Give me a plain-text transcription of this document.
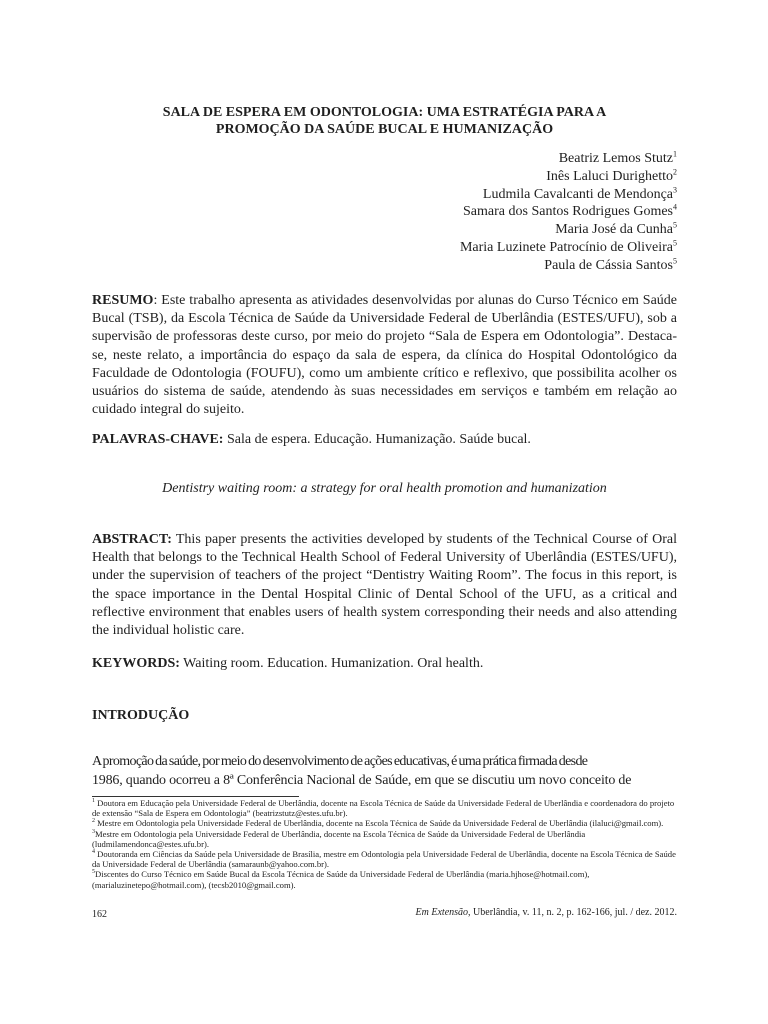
SALA DE ESPERA EM ODONTOLOGIA: UMA ESTRATÉGIA PARA A
PROMOÇÃO DA SAÚDE BUCAL E HUMANIZAÇÃO
Beatriz Lemos Stutz$^1$
Inês Laluci Durighetto$^2$
Ludmila Cavalcanti de Mendonça$^3$
Samara dos Santos Rodrigues Gomes$^4$
Maria José da Cunha$^5$
Maria Luzinete Patrocínio de Oliveira$^5$
Paula de Cássia Santos$^5$
RESUMO: Este trabalho apresenta as atividades desenvolvidas por alunas do Curso Técnico em Saúde Bucal (TSB), da Escola Técnica de Saúde da Universidade Federal de Uberlândia (ESTES/UFU), sob a supervisão de professoras deste curso, por meio do projeto “Sala de Espera em Odontologia”. Destaca-se, neste relato, a importância do espaço da sala de espera, da clínica do Hospital Odontológico da Faculdade de Odontologia (FOUFU), como um ambiente crítico e reflexivo, que possibilita acolher os usuários do sistema de saúde, atendendo às suas necessidades em serviços e também em relação ao cuidado integral do sujeito.
PALAVRAS-CHAVE: Sala de espera. Educação. Humanização. Saúde bucal.
Dentistry waiting room: a strategy for oral health promotion and humanization
ABSTRACT: This paper presents the activities developed by students of the Technical Course of Oral Health that belongs to the Technical Health School of Federal University of Uberlândia (ESTES/UFU), under the supervision of teachers of the project “Dentistry Waiting Room”. The focus in this report, is the space importance in the Dental Hospital Clinic of Dental School of the UFU, as a critical and reflective environment that enables users of health system corresponding their needs and also attending the individual holistic care.
KEYWORDS: Waiting room. Education. Humanization. Oral health.
INTRODUÇÃO
A promoção da saúde, por meio do desenvolvimento de ações educativas, é uma prática firmada desde
1986, quando ocorreu a 8ª Conferência Nacional de Saúde, em que se discutiu um novo conceito de
$^1$ Doutora em Educação pela Universidade Federal de Uberlândia, docente na Escola Técnica de Saúde da Universidade Federal de Uberlândia e coordenadora do projeto de extensão “Sala de Espera em Odontologia” (beatrizstutz@estes.ufu.br).
$^2$ Mestre em Odontologia pela Universidade Federal de Uberlândia, docente na Escola Técnica de Saúde da Universidade Federal de Uberlândia (ilaluci@gmail.com).
$^3$Mestre em Odontologia pela Universidade Federal de Uberlândia, docente na Escola Técnica de Saúde da Universidade Federal de Uberlândia (ludmilamendonca@estes.ufu.br).
$^4$ Doutoranda em Ciências da Saúde pela Universidade de Brasília, mestre em Odontologia pela Universidade Federal de Uberlândia, docente na Escola Técnica de Saúde da Universidade Federal de Uberlândia (samaraunb@yahoo.com.br).
$^5$Discentes do Curso Técnico em Saúde Bucal da Escola Técnica de Saúde da Universidade Federal de Uberlândia (maria.hjhose@hotmail.com), (marialuzinetepo@hotmail.com), (tecsb2010@gmail.com).
162	Em Extensão, Uberlândia, v. 11, n. 2, p. 162-166, jul. / dez. 2012.
